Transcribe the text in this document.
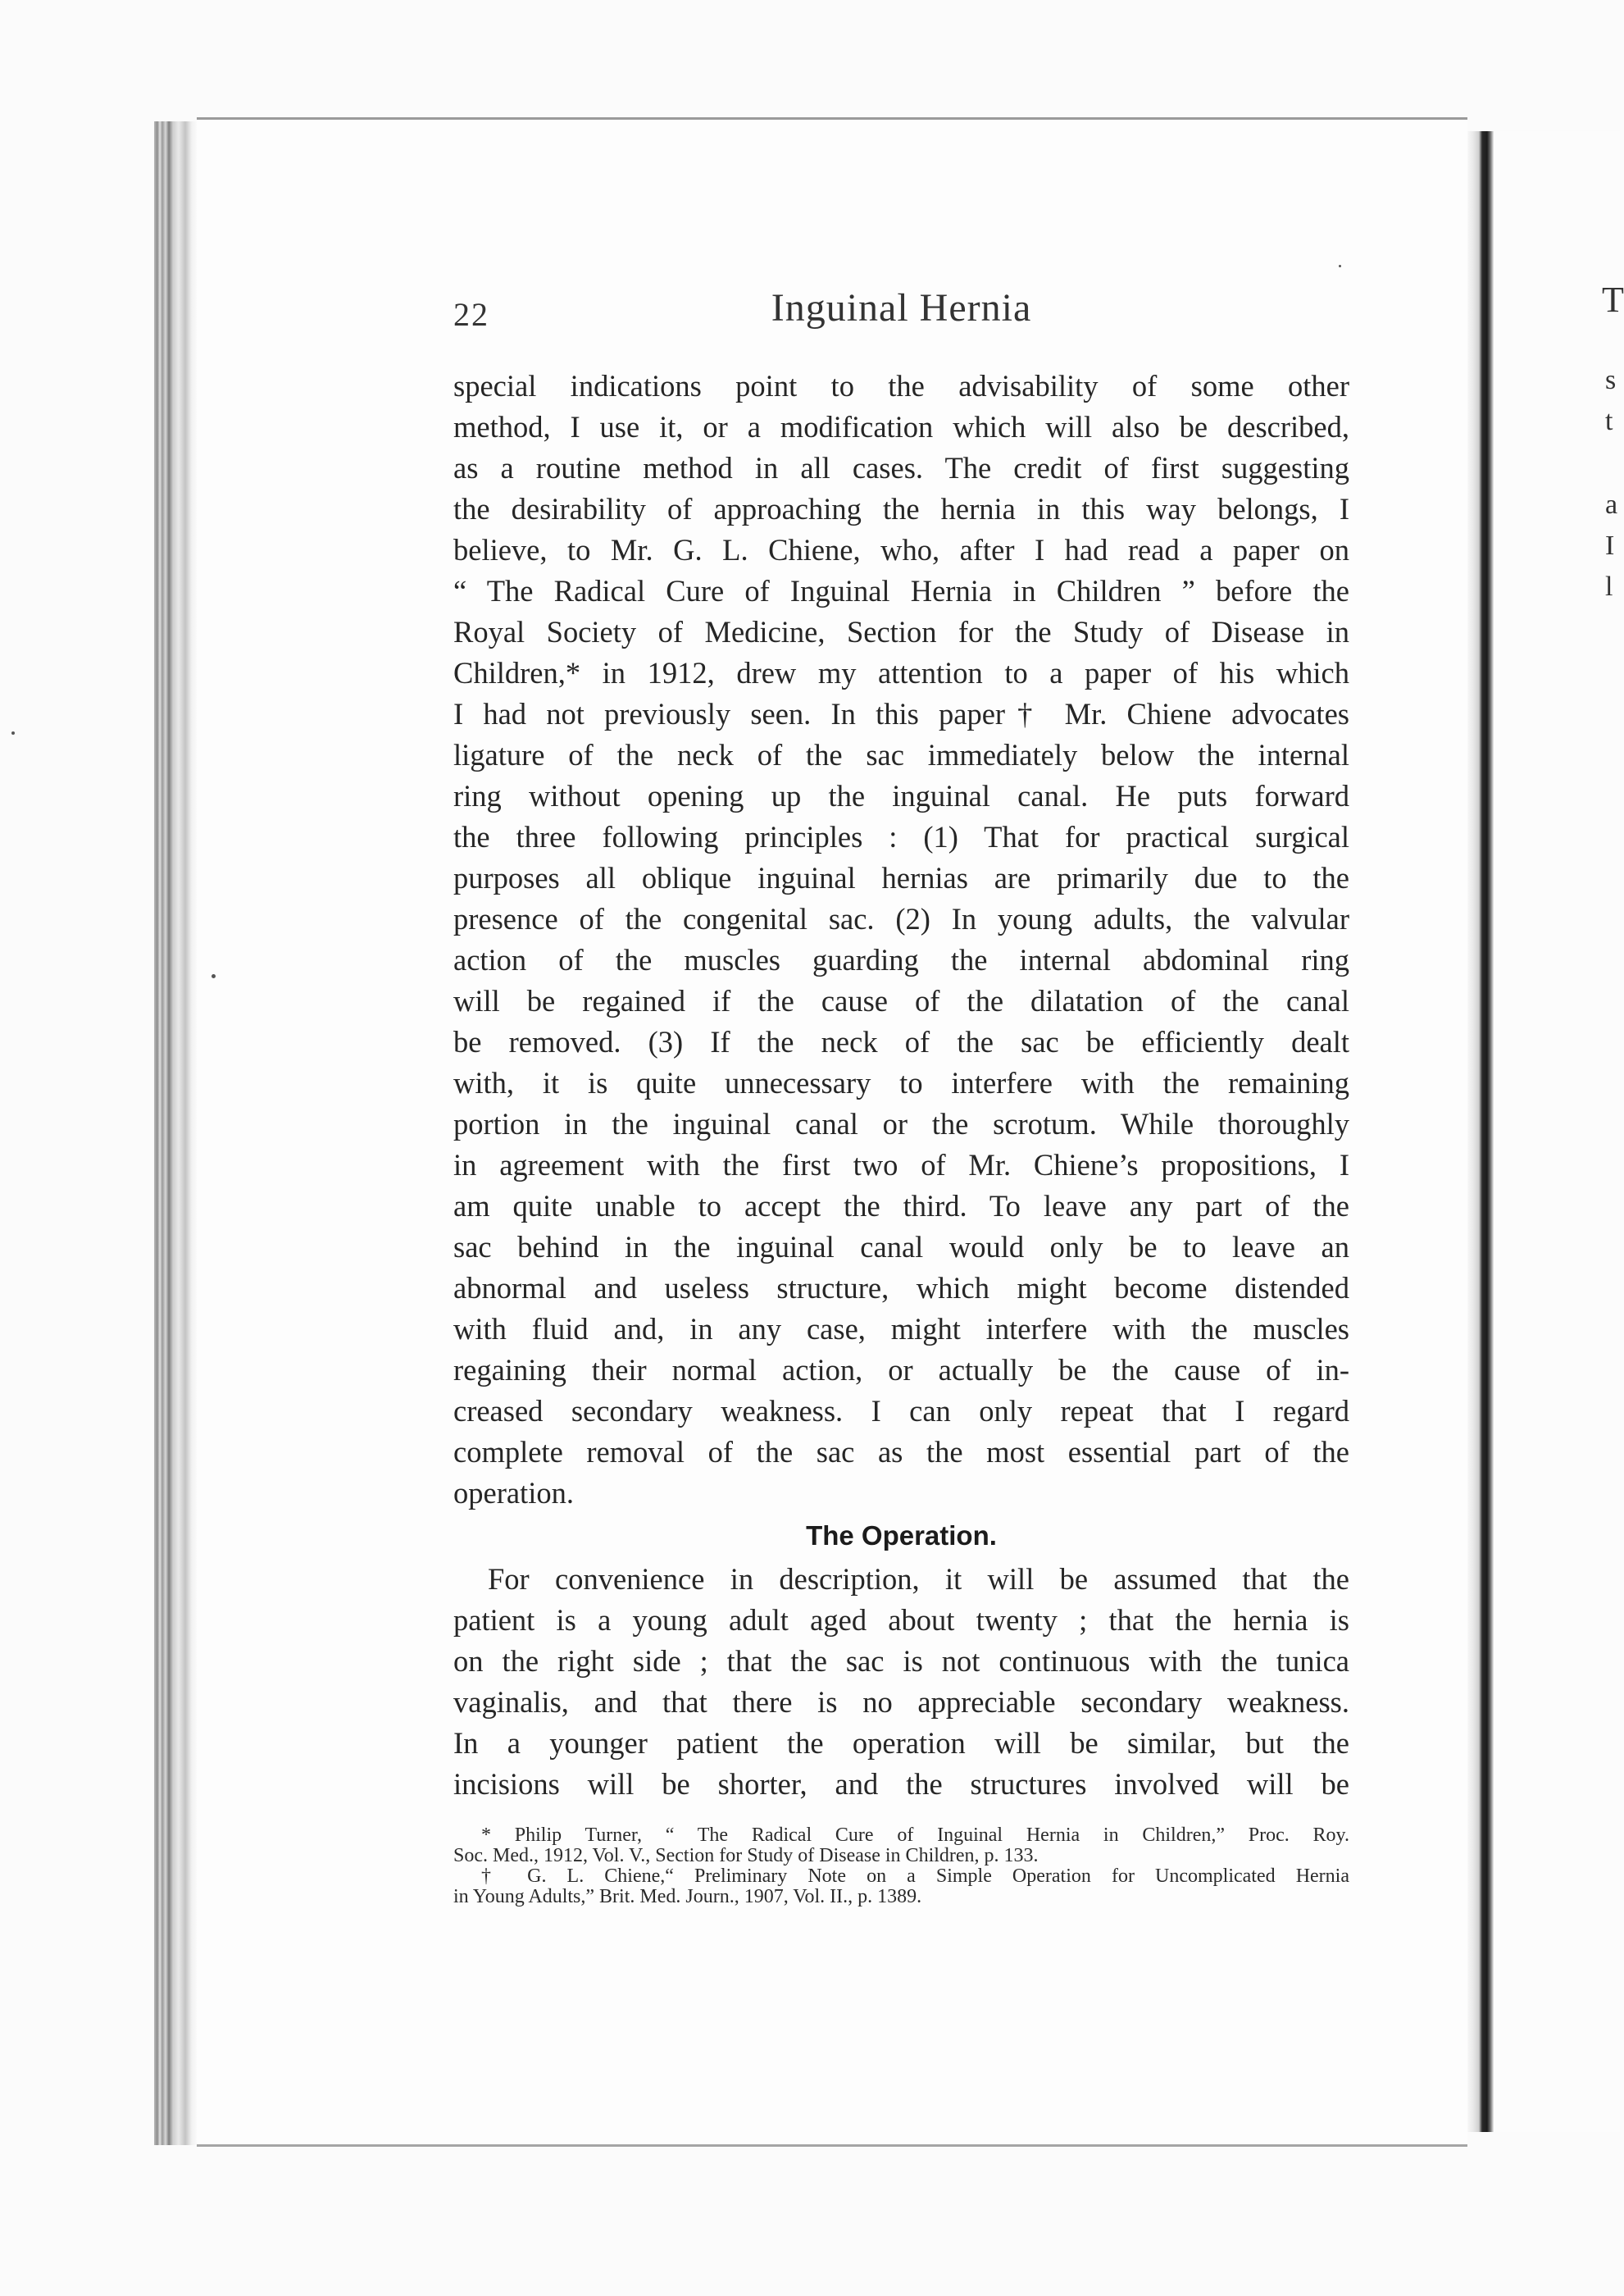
T
s
t
a
I
l
22	Inguinal Hernia
special indications point to the advisability of some other
method, I use it, or a modification which will also be described,
as a routine method in all cases. The credit of first suggesting
the desirability of approaching the hernia in this way belongs, I
believe, to Mr. G. L. Chiene, who, after I had read a paper on
“ The Radical Cure of Inguinal Hernia in Children ” before the
Royal Society of Medicine, Section for the Study of Disease in
Children,* in 1912, drew my attention to a paper of his which
I had not previously seen. In this paper† Mr. Chiene advocates
ligature of the neck of the sac immediately below the internal
ring without opening up the inguinal canal. He puts forward
the three following principles : (1) That for practical surgical
purposes all oblique inguinal hernias are primarily due to the
presence of the congenital sac. (2) In young adults, the valvular
action of the muscles guarding the internal abdominal ring
will be regained if the cause of the dilatation of the canal
be removed. (3) If the neck of the sac be efficiently dealt
with, it is quite unnecessary to interfere with the remaining
portion in the inguinal canal or the scrotum. While thoroughly
in agreement with the first two of Mr. Chiene’s propositions, I
am quite unable to accept the third. To leave any part of the
sac behind in the inguinal canal would only be to leave an
abnormal and useless structure, which might become distended
with fluid and, in any case, might interfere with the muscles
regaining their normal action, or actually be the cause of in-
creased secondary weakness. I can only repeat that I regard
complete removal of the sac as the most essential part of the
operation.
The Operation.
For convenience in description, it will be assumed that the
patient is a young adult aged about twenty ; that the hernia is
on the right side ; that the sac is not continuous with the tunica
vaginalis, and that there is no appreciable secondary weakness.
In a younger patient the operation will be similar, but the
incisions will be shorter, and the structures involved will be
* Philip Turner, “ The Radical Cure of Inguinal Hernia in Children,” Proc. Roy.
Soc. Med., 1912, Vol. V., Section for Study of Disease in Children, p. 133.
† G. L. Chiene,“ Preliminary Note on a Simple Operation for Uncomplicated Hernia
in Young Adults,” Brit. Med. Journ., 1907, Vol. II., p. 1389.
